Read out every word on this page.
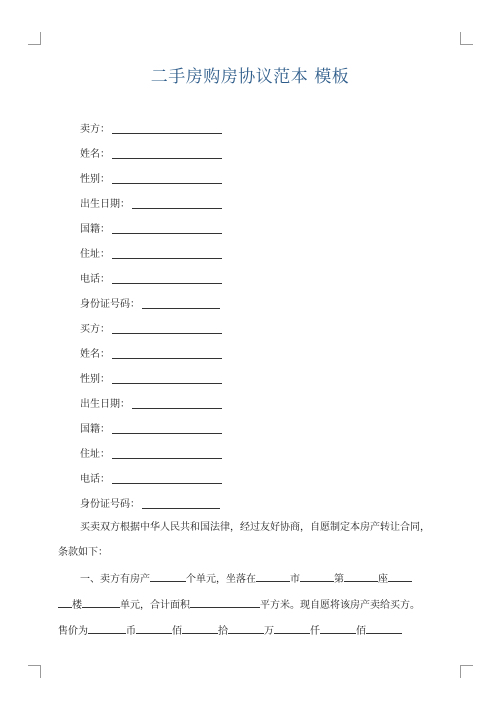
二手房购房协议范本 模板
卖方：
姓名：
性别：
出生日期：
国籍：
住址：
电话：
身份证号码：
买方：
姓名：
性别：
出生日期：
国籍：
住址：
电话：
身份证号码：
买卖双方根据中华人民共和国法律，经过友好协商，自愿制定本房产转让合同，
条款如下：
一、卖方有房产	个单元，坐落在	市	第	座
楼	单元，合计面积	平方米。现自愿将该房产卖给买方。
售价为	币	佰	拾	万	仟	佰
